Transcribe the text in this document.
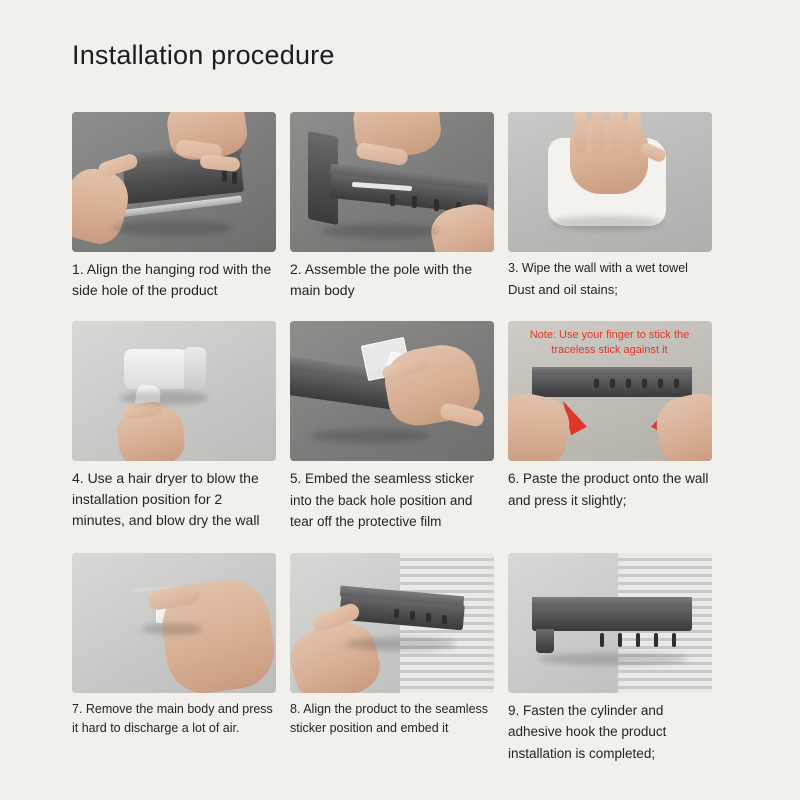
Installation procedure
1. Align the hanging rod with the side hole of the product
2. Assemble the pole with the main body
3. Wipe the wall with a wet towel
Dust and oil stains;
4. Use a hair dryer to blow the installation position for 2 minutes, and blow dry the wall
5. Embed the seamless sticker into the back hole position and tear off the protective film
Note: Use your finger to stick the traceless stick against it
6. Paste the product onto the wall and press it slightly;
7. Remove the main body and press it hard to discharge a lot of air.
8. Align the product to the seamless sticker position and embed it
9. Fasten the cylinder and adhesive hook the product installation is completed;
